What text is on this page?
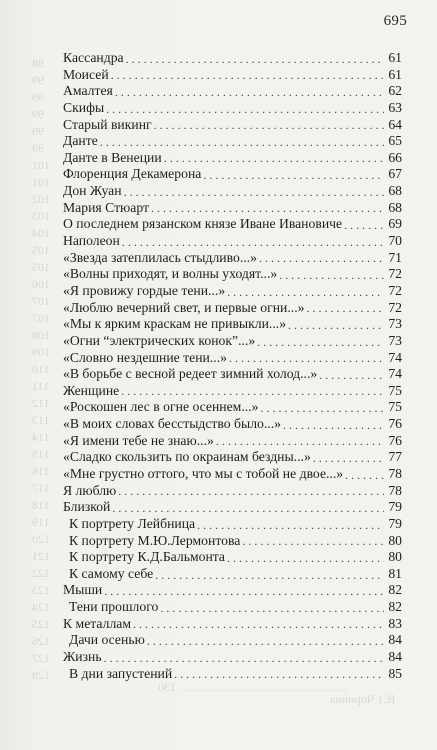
98
99
99
99
99
99
101
101
102
103
104
105
105
106
107
107
108
109
110
111
112
113
114
115
116
117
118
119
120
121
122
123
124
125
126
127
128
…………………………………… 130
ІЄ1 Чорнина
695
Кассандра . . .	61
Моисей . . .	61
Амалтея . . .	62
Скифы . . .	63
Старый викинг . . .	64
Данте . . .	65
Данте в Венеции . . .	66
Флоренция Декамерона . . .	67
Дон Жуан . . .	68
Мария Стюарт . . .	68
О последнем рязанском князе Иване Ивановиче . . .	69
Наполеон . . .	70
«Звезда затеплилась стыдливо...» . . .	71
«Волны приходят, и волны уходят...» . . .	72
«Я провижу гордые тени...» . . .	72
«Люблю вечерний свет, и первые огни...» . . .	72
«Мы к ярким краскам не привыкли...» . . .	73
«Огни “электрических конок”...» . . .	73
«Словно нездешние тени...» . . .	74
«В борьбе с весной редеет зимний холод...» . . .	74
Женщине . . .	75
«Роскошен лес в огне осеннем...» . . .	75
«В моих словах бесстыдство было...» . . .	76
«Я имени тебе не знаю...» . . .	76
«Сладко скользить по окраинам бездны...» . . .	77
«Мне грустно оттого, что мы с тобой не двое...» . . .	78
Я люблю . . .	78
Близкой . . .	79
К портрету Лейбница . . .	79
К портрету М.Ю.Лермонтова . . .	80
К портрету К.Д.Бальмонта . . .	80
К самому себе . . .	81
Мыши . . .	82
Тени прошлого . . .	82
К металлам . . .	83
Дачи осенью . . .	84
Жизнь . . .	84
В дни запустений . . .	85
